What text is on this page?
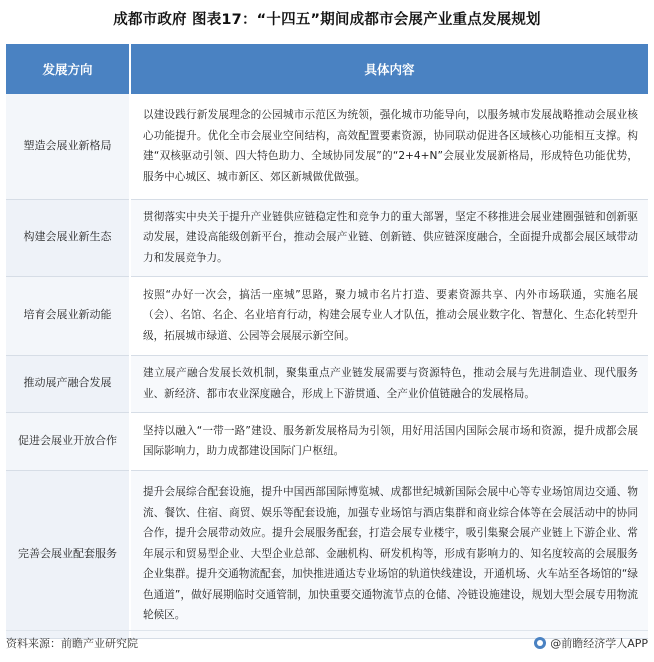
成都市政府 图表17：“十四五”期间成都市会展产业重点发展规划
发展方向	具体内容
塑造会展业新格局	以建设践行新发展理念的公园城市示范区为统领，强化城市功能导向，以服务城市发展战略推动会展业核心功能提升。优化全市会展业空间结构，高效配置要素资源，协同联动促进各区域核心功能相互支撑。构建“双核驱动引领、四大特色助力、全域协同发展”的“2+4+N”会展业发展新格局，形成特色功能优势，服务中心城区、城市新区、郊区新城做优做强。
构建会展业新生态	贯彻落实中央关于提升产业链供应链稳定性和竞争力的重大部署，坚定不移推进会展业建圈强链和创新驱动发展，建设高能级创新平台，推动会展产业链、创新链、供应链深度融合，全面提升成都会展区域带动力和发展竞争力。
培育会展业新动能	按照“办好一次会，搞活一座城”思路，聚力城市名片打造、要素资源共享、内外市场联通，实施名展（会）、名馆、名企、名业培育行动，构建会展专业人才队伍，推动会展业数字化、智慧化、生态化转型升级，拓展城市绿道、公园等会展展示新空间。
推动展产融合发展	建立展产融合发展长效机制，聚集重点产业链发展需要与资源特色，推动会展与先进制造业、现代服务业、新经济、都市农业深度融合，形成上下游贯通、全产业价值链融合的发展格局。
促进会展业开放合作	坚持以融入“一带一路”建设、服务新发展格局为引领，用好用活国内国际会展市场和资源，提升成都会展国际影响力，助力成都建设国际门户枢纽。
完善会展业配套服务	提升会展综合配套设施，提升中国西部国际博览城、成都世纪城新国际会展中心等专业场馆周边交通、物流、餐饮、住宿、商贸、娱乐等配套设施，加强专业场馆与酒店集群和商业综合体等在会展活动中的协同合作，提升会展带动效应。提升会展服务配套，打造会展专业楼宇，吸引集聚会展产业链上下游企业、常年展示和贸易型企业、大型企业总部、金融机构、研发机构等，形成有影响力的、知名度较高的会展服务企业集群。提升交通物流配套，加快推进通达专业场馆的轨道快线建设，开通机场、火车站至各场馆的“绿色通道”，做好展期临时交通管制，加快重要交通物流节点的仓储、冷链设施建设，规划大型会展专用物流轮候区。
资料来源：前瞻产业研究院	@前瞻经济学人APP
